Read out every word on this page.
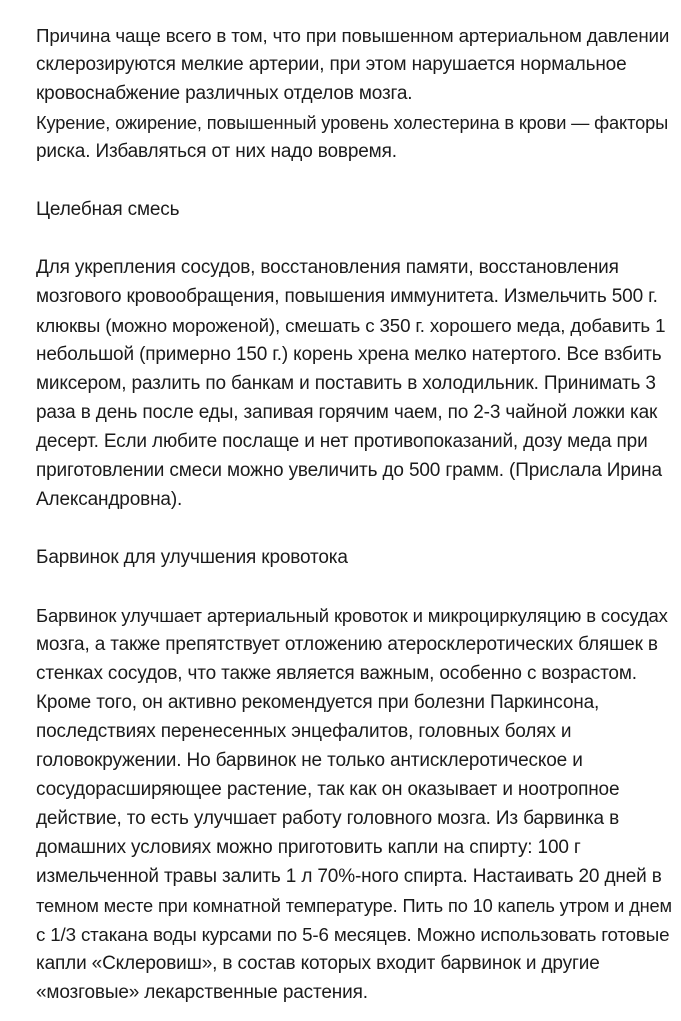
Причина чаще всего в том, что при повышенном артериальном давлении
склерозируются мелкие артерии, при этом нарушается нормальное
кровоснабжение различных отделов мозга.
Курение, ожирение, повышенный уровень холестерина в крови — факторы
риска. Избавляться от них надо вовремя.
Целебная смесь
Для укрепления сосудов, восстановления памяти, восстановления
мозгового кровообращения, повышения иммунитета. Измельчить 500 г.
клюквы (можно мороженой), смешать с 350 г. хорошего меда, добавить 1
небольшой (примерно 150 г.) корень хрена мелко натертого. Все взбить
миксером, разлить по банкам и поставить в холодильник. Принимать 3
раза в день после еды, запивая горячим чаем, по 2-3 чайной ложки как
десерт. Если любите послаще и нет противопоказаний, дозу меда при
приготовлении смеси можно увеличить до 500 грамм. (Прислала Ирина
Александровна).
Барвинок для улучшения кровотока
Барвинок улучшает артериальный кровоток и микроциркуляцию в сосудах
мозга, а также препятствует отложению атеросклеротических бляшек в
стенках сосудов, что также является важным, особенно с возрастом.
Кроме того, он активно рекомендуется при болезни Паркинсона,
последствиях перенесенных энцефалитов, головных болях и
головокружении. Но барвинок не только антисклеротическое и
сосудорасширяющее растение, так как он оказывает и ноотропное
действие, то есть улучшает работу головного мозга. Из барвинка в
домашних условиях можно приготовить капли на спирту: 100 г
измельченной травы залить 1 л 70%-ного спирта. Настаивать 20 дней в
темном месте при комнатной температуре. Пить по 10 капель утром и днем
с 1/3 стакана воды курсами по 5-6 месяцев. Можно использовать готовые
капли «Склеровиш», в состав которых входит барвинок и другие
«мозговые» лекарственные растения.
